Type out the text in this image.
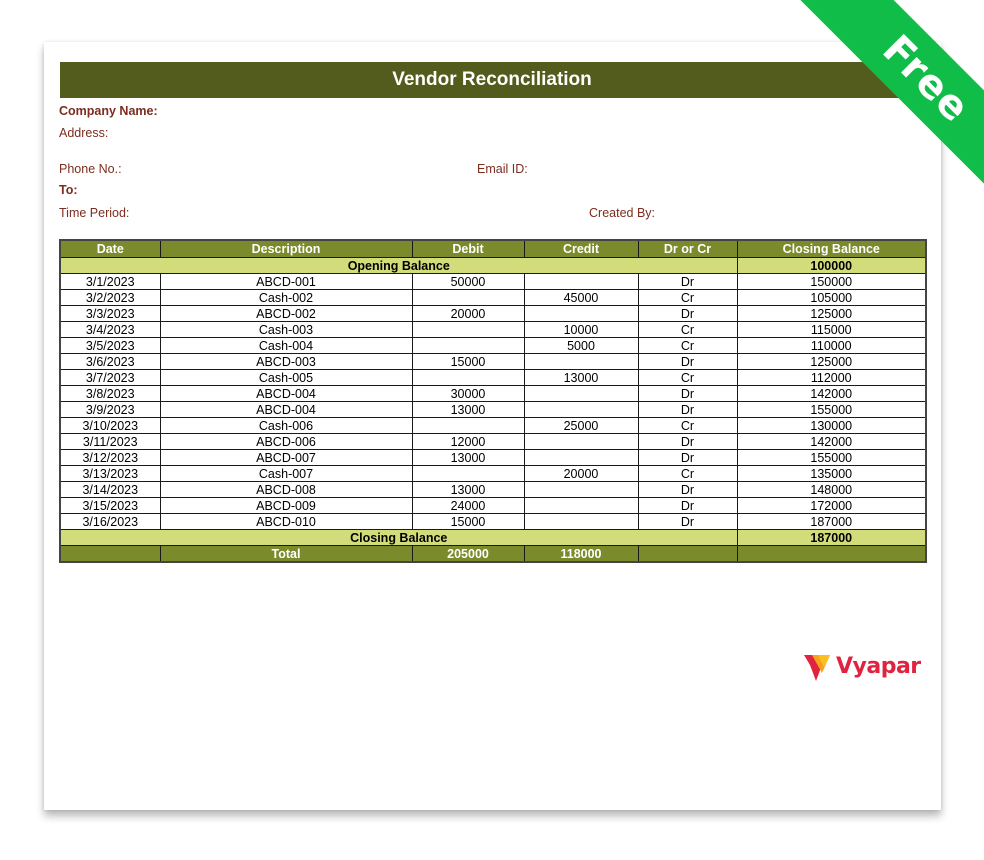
Vendor Reconciliation
Company Name:
Address:
Phone No.:	Email ID:
To:
Time Period:	Created By:
Date	Description	Debit	Credit	Dr or Cr	Closing Balance
Opening Balance					100000
3/1/2023	ABCD-001	50000		Dr	150000
3/2/2023	Cash-002		45000	Cr	105000
3/3/2023	ABCD-002	20000		Dr	125000
3/4/2023	Cash-003		10000	Cr	115000
3/5/2023	Cash-004		5000	Cr	110000
3/6/2023	ABCD-003	15000		Dr	125000
3/7/2023	Cash-005		13000	Cr	112000
3/8/2023	ABCD-004	30000		Dr	142000
3/9/2023	ABCD-004	13000		Dr	155000
3/10/2023	Cash-006		25000	Cr	130000
3/11/2023	ABCD-006	12000		Dr	142000
3/12/2023	ABCD-007	13000		Dr	155000
3/13/2023	Cash-007		20000	Cr	135000
3/14/2023	ABCD-008	13000		Dr	148000
3/15/2023	ABCD-009	24000		Dr	172000
3/16/2023	ABCD-010	15000		Dr	187000
Closing Balance					187000
	Total	205000	118000		
Vyapar
Free
